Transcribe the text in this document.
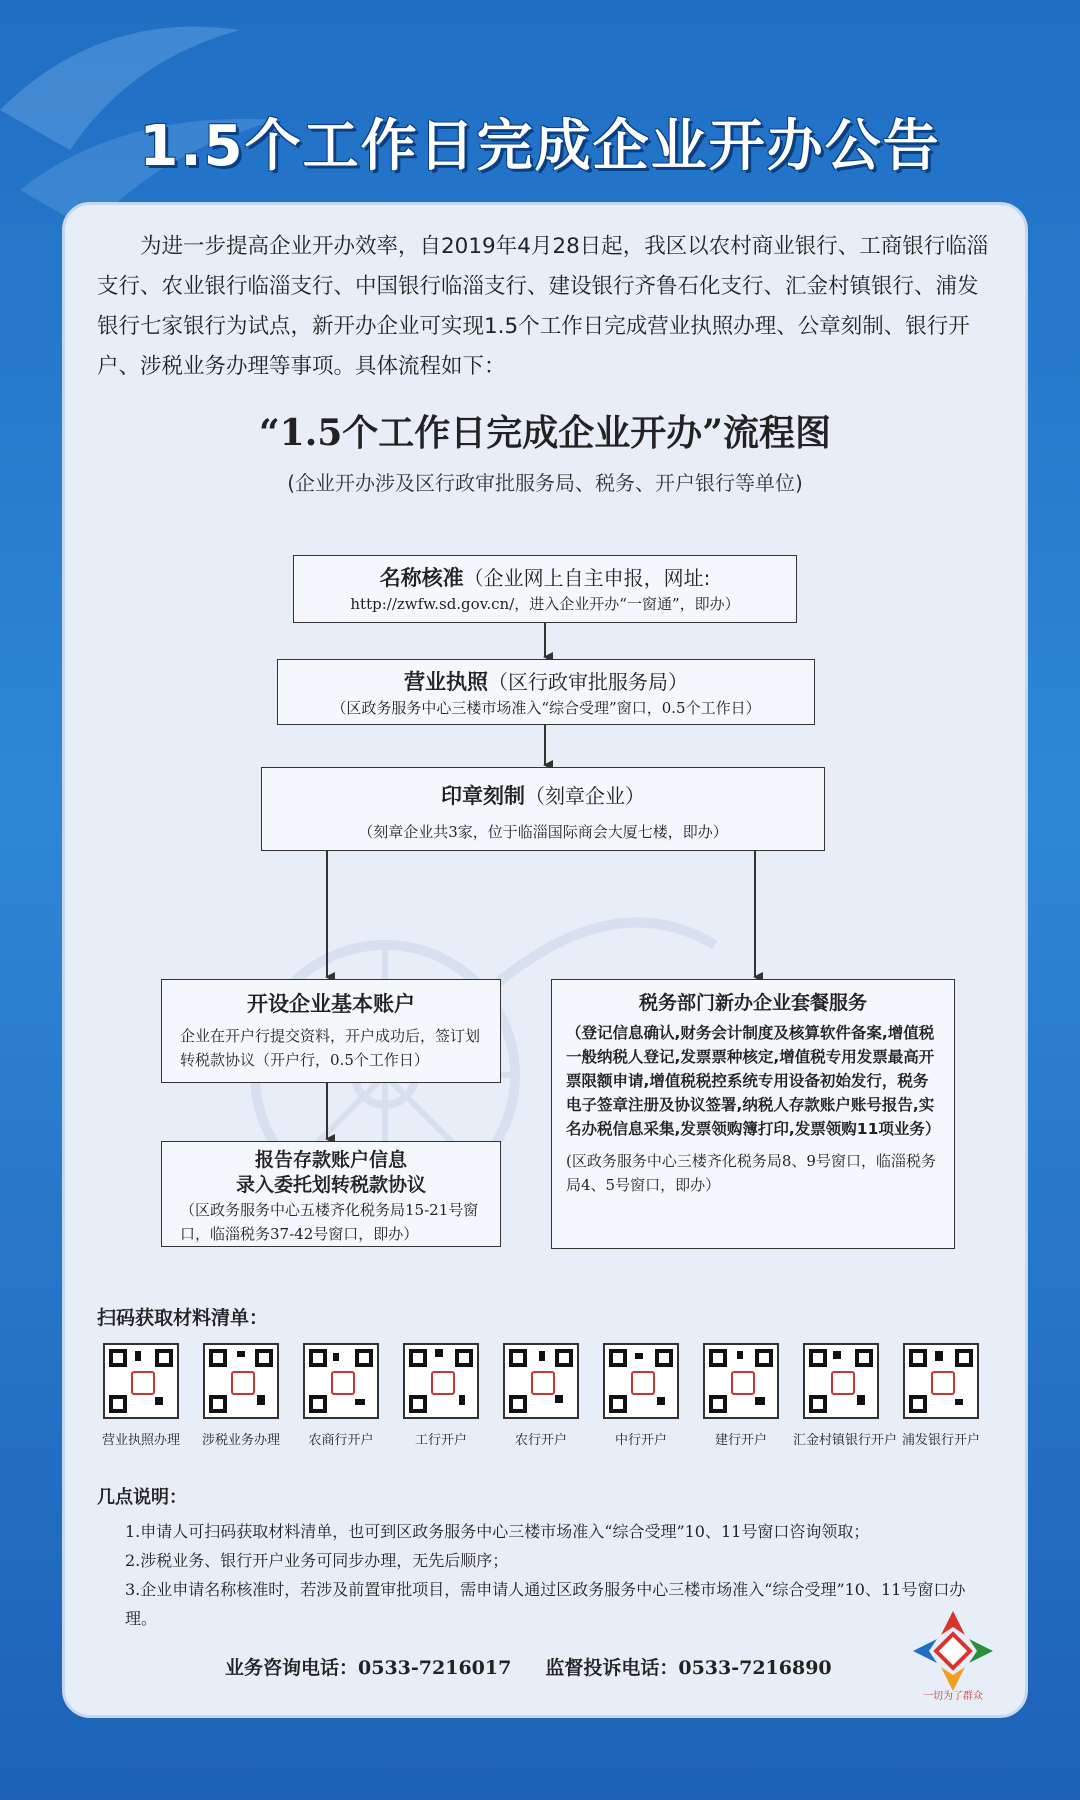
1.5个工作日完成企业开办公告
为进一步提高企业开办效率，自2019年4月28日起，我区以农村商业银行、工商银行临淄支行、农业银行临淄支行、中国银行临淄支行、建设银行齐鲁石化支行、汇金村镇银行、浦发银行七家银行为试点，新开办企业可实现1.5个工作日完成营业执照办理、公章刻制、银行开户、涉税业务办理等事项。具体流程如下：
“1.5个工作日完成企业开办”流程图
(企业开办涉及区行政审批服务局、税务、开户银行等单位)
名称核准（企业网上自主申报，网址:
http://zwfw.sd.gov.cn/，进入企业开办“一窗通”，即办）
营业执照（区行政审批服务局）
（区政务服务中心三楼市场准入“综合受理”窗口，0.5个工作日）
印章刻制（刻章企业）
（刻章企业共3家，位于临淄国际商会大厦七楼，即办）
开设企业基本账户
企业在开户行提交资料，开户成功后，签订划转税款协议（开户行，0.5个工作日）
报告存款账户信息
录入委托划转税款协议
（区政务服务中心五楼齐化税务局15-21号窗口，临淄税务37-42号窗口，即办）
税务部门新办企业套餐服务
（登记信息确认,财务会计制度及核算软件备案,增值税一般纳税人登记,发票票种核定,增值税专用发票最高开票限额申请,增值税税控系统专用设备初始发行，税务电子签章注册及协议签署,纳税人存款账户账号报告,实名办税信息采集,发票领购簿打印,发票领购11项业务）
(区政务服务中心三楼齐化税务局8、9号窗口，临淄税务局4、5号窗口，即办）
扫码获取材料清单：
营业执照办理	涉税业务办理	农商行开户	工行开户	农行开户	中行开户	建行开户	汇金村镇银行开户 浦发银行开户
几点说明：
1.申请人可扫码获取材料清单，也可到区政务服务中心三楼市场准入“综合受理”10、11号窗口咨询领取；
2.涉税业务、银行开户业务可同步办理，无先后顺序；
3.企业申请名称核准时，若涉及前置审批项目，需申请人通过区政务服务中心三楼市场准入“综合受理”10、11号窗口办理。
业务咨询电话：0533-7216017 监督投诉电话：0533-7216890
一切为了群众
